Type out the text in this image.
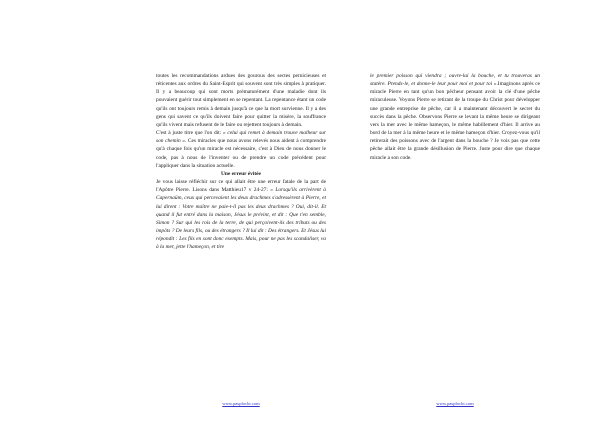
toutes les recommandations ardues des gourous des sectes pernicieuses et réticentes aux ordres du Saint-Esprit qui souvent sont très simples à pratiquer. Il y a beaucoup qui sont morts prématurément d'une maladie dont ils pouvaient guérir tout simplement en se repentant. La repentance étant un code qu'ils ont toujours remis à demain jusqu'à ce que la mort survienne. Il y a des gens qui savent ce qu'ils doivent faire pour quitter la misère, la souffrance qu'ils vivent mais refusent de le faire ou rejettent toujours à demain.

C'est à juste titre que l'on dit: « celui qui remet à demain trouve malheur sur son chemin ». Ces miracles que nous avons relevés nous aident à comprendre qu'à chaque fois qu'un miracle est nécessaire, c'est à Dieu de nous donner le code, pas à nous de l'inventer ou de prendre un code précédent pour l'appliquer dans la situation actuelle.

Une erreur évitée

Je vous laisse réfléchir sur ce qui allait être une erreur fatale de la part de l'Apôtre Pierre. Lisons dans Matthieu17 v 24-27: « Lorsqu'ils arrivèrent à Capernaüm, ceux qui percevaient les deux drachmes s'adressèrent à Pierre, et lui dirent : Votre maître ne paie-t-il pas les deux drachmes ? Oui, dit-il. Et quand il fut entré dans la maison, Jésus le prévint, et dit : Que t'en semble, Simon ? Sur qui les rois de la terre, de qui perçoivent-ils des tributs ou des impôts ? De leurs fils, ou des étrangers ? Il lui dit : Des étrangers. Et Jésus lui répondit : Les fils en sont donc exempts. Mais, pour ne pas les scandaliser, va à la mer, jette l'hameçon, et tire

le premier poisson qui viendra ; ouvre-lui la bouche, et tu trouveras un statère. Prends-le, et donne-le leur pour moi et pour toi ».Imaginons après ce miracle Pierre en tant qu'un bon pêcheur pensant avoir la clé d'une pêche miraculeuse. Voyons Pierre se retirant de la troupe du Christ pour développer une grande entreprise de pêche, car il a maintenant découvert le secret du succès dans la pêche. Observons Pierre se levant la même heure se dirigeant vers la mer avec le même hameçon, le même habillement d'hier. Il arrive au bord de la mer à la même heure et le même hameçon d'hier. Croyez-vous qu'il retirerait des poissons avec de l'argent dans la bouche ? Je vois pas que cette pêche allait être la grande désillusion de Pierre. Juste pour dire que chaque miracle a son code.

www.pasplochi.com	www.pasplochi.com
